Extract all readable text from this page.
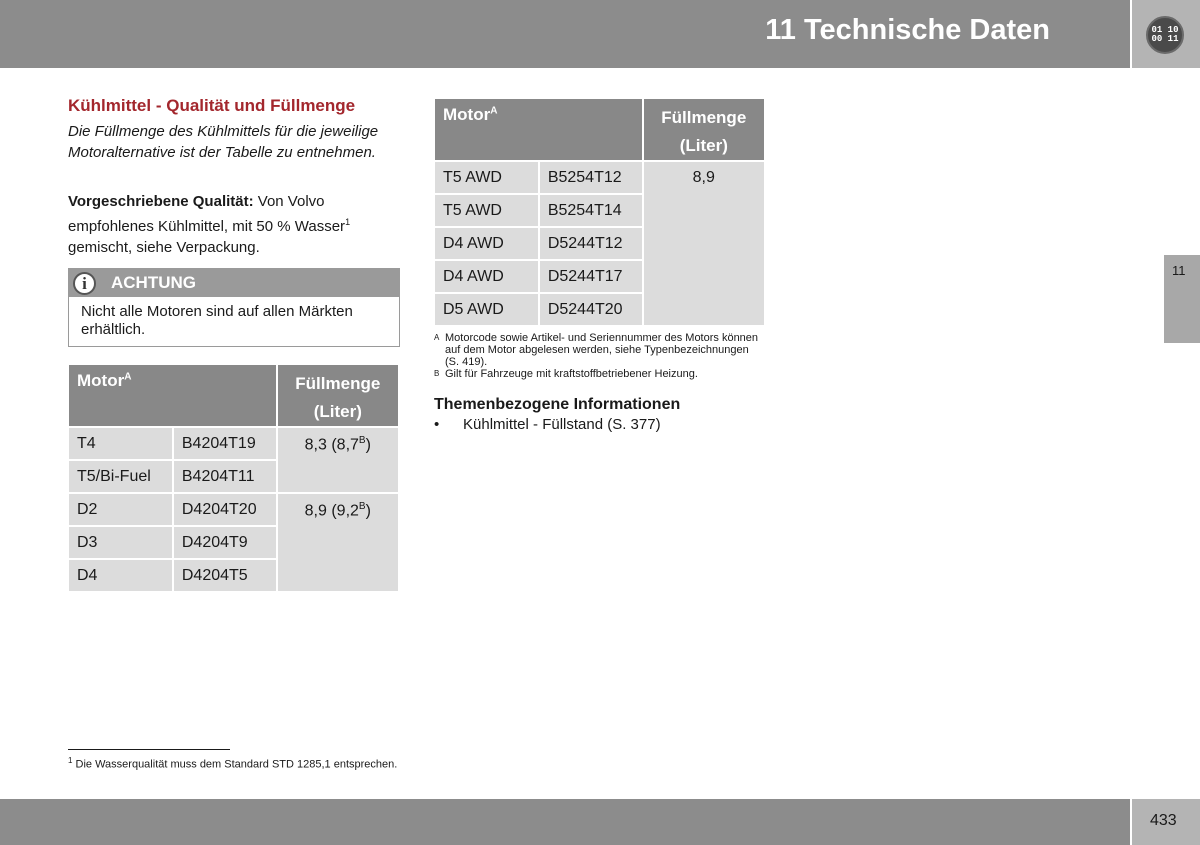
11 Technische Daten	01 10
00 11
11
Kühlmittel - Qualität und Füllmenge
Die Füllmenge des Kühlmittels für die jeweilige Motoralternative ist der Tabelle zu entnehmen.
Vorgeschriebene Qualität: Von Volvo empfohlenes Kühlmittel, mit 50 % Wasser$^1$ gemischt, siehe Verpackung.
i	ACHTUNG
Nicht alle Motoren sind auf allen Märkten erhältlich.
Motor$^A$		Füllmenge
(Liter)

T4	B4204T19	8,3 $(8,7^B)$
T5/Bi-Fuel	B4204T11	
D2	D4204T20	8,9 $(9,2^B)$
D3	D4204T9	
D4	D4204T5	
Motor$^A$		Füllmenge
(Liter)

T5 AWD	B5254T12	8,9
T5 AWD	B5254T14	
D4 AWD	D5244T12	
D4 AWD	D5244T17	
D5 AWD	D5244T20	
A Motorcode sowie Artikel- und Seriennummer des Motors können auf dem Motor abgelesen werden, siehe Typenbezeichnungen (S. 419).
B Gilt für Fahrzeuge mit kraftstoffbetriebener Heizung.
Themenbezogene Informationen
• Kühlmittel - Füllstand (S. 377)
$^1$ Die Wasserqualität muss dem Standard STD 1285,1 entsprechen.
433
